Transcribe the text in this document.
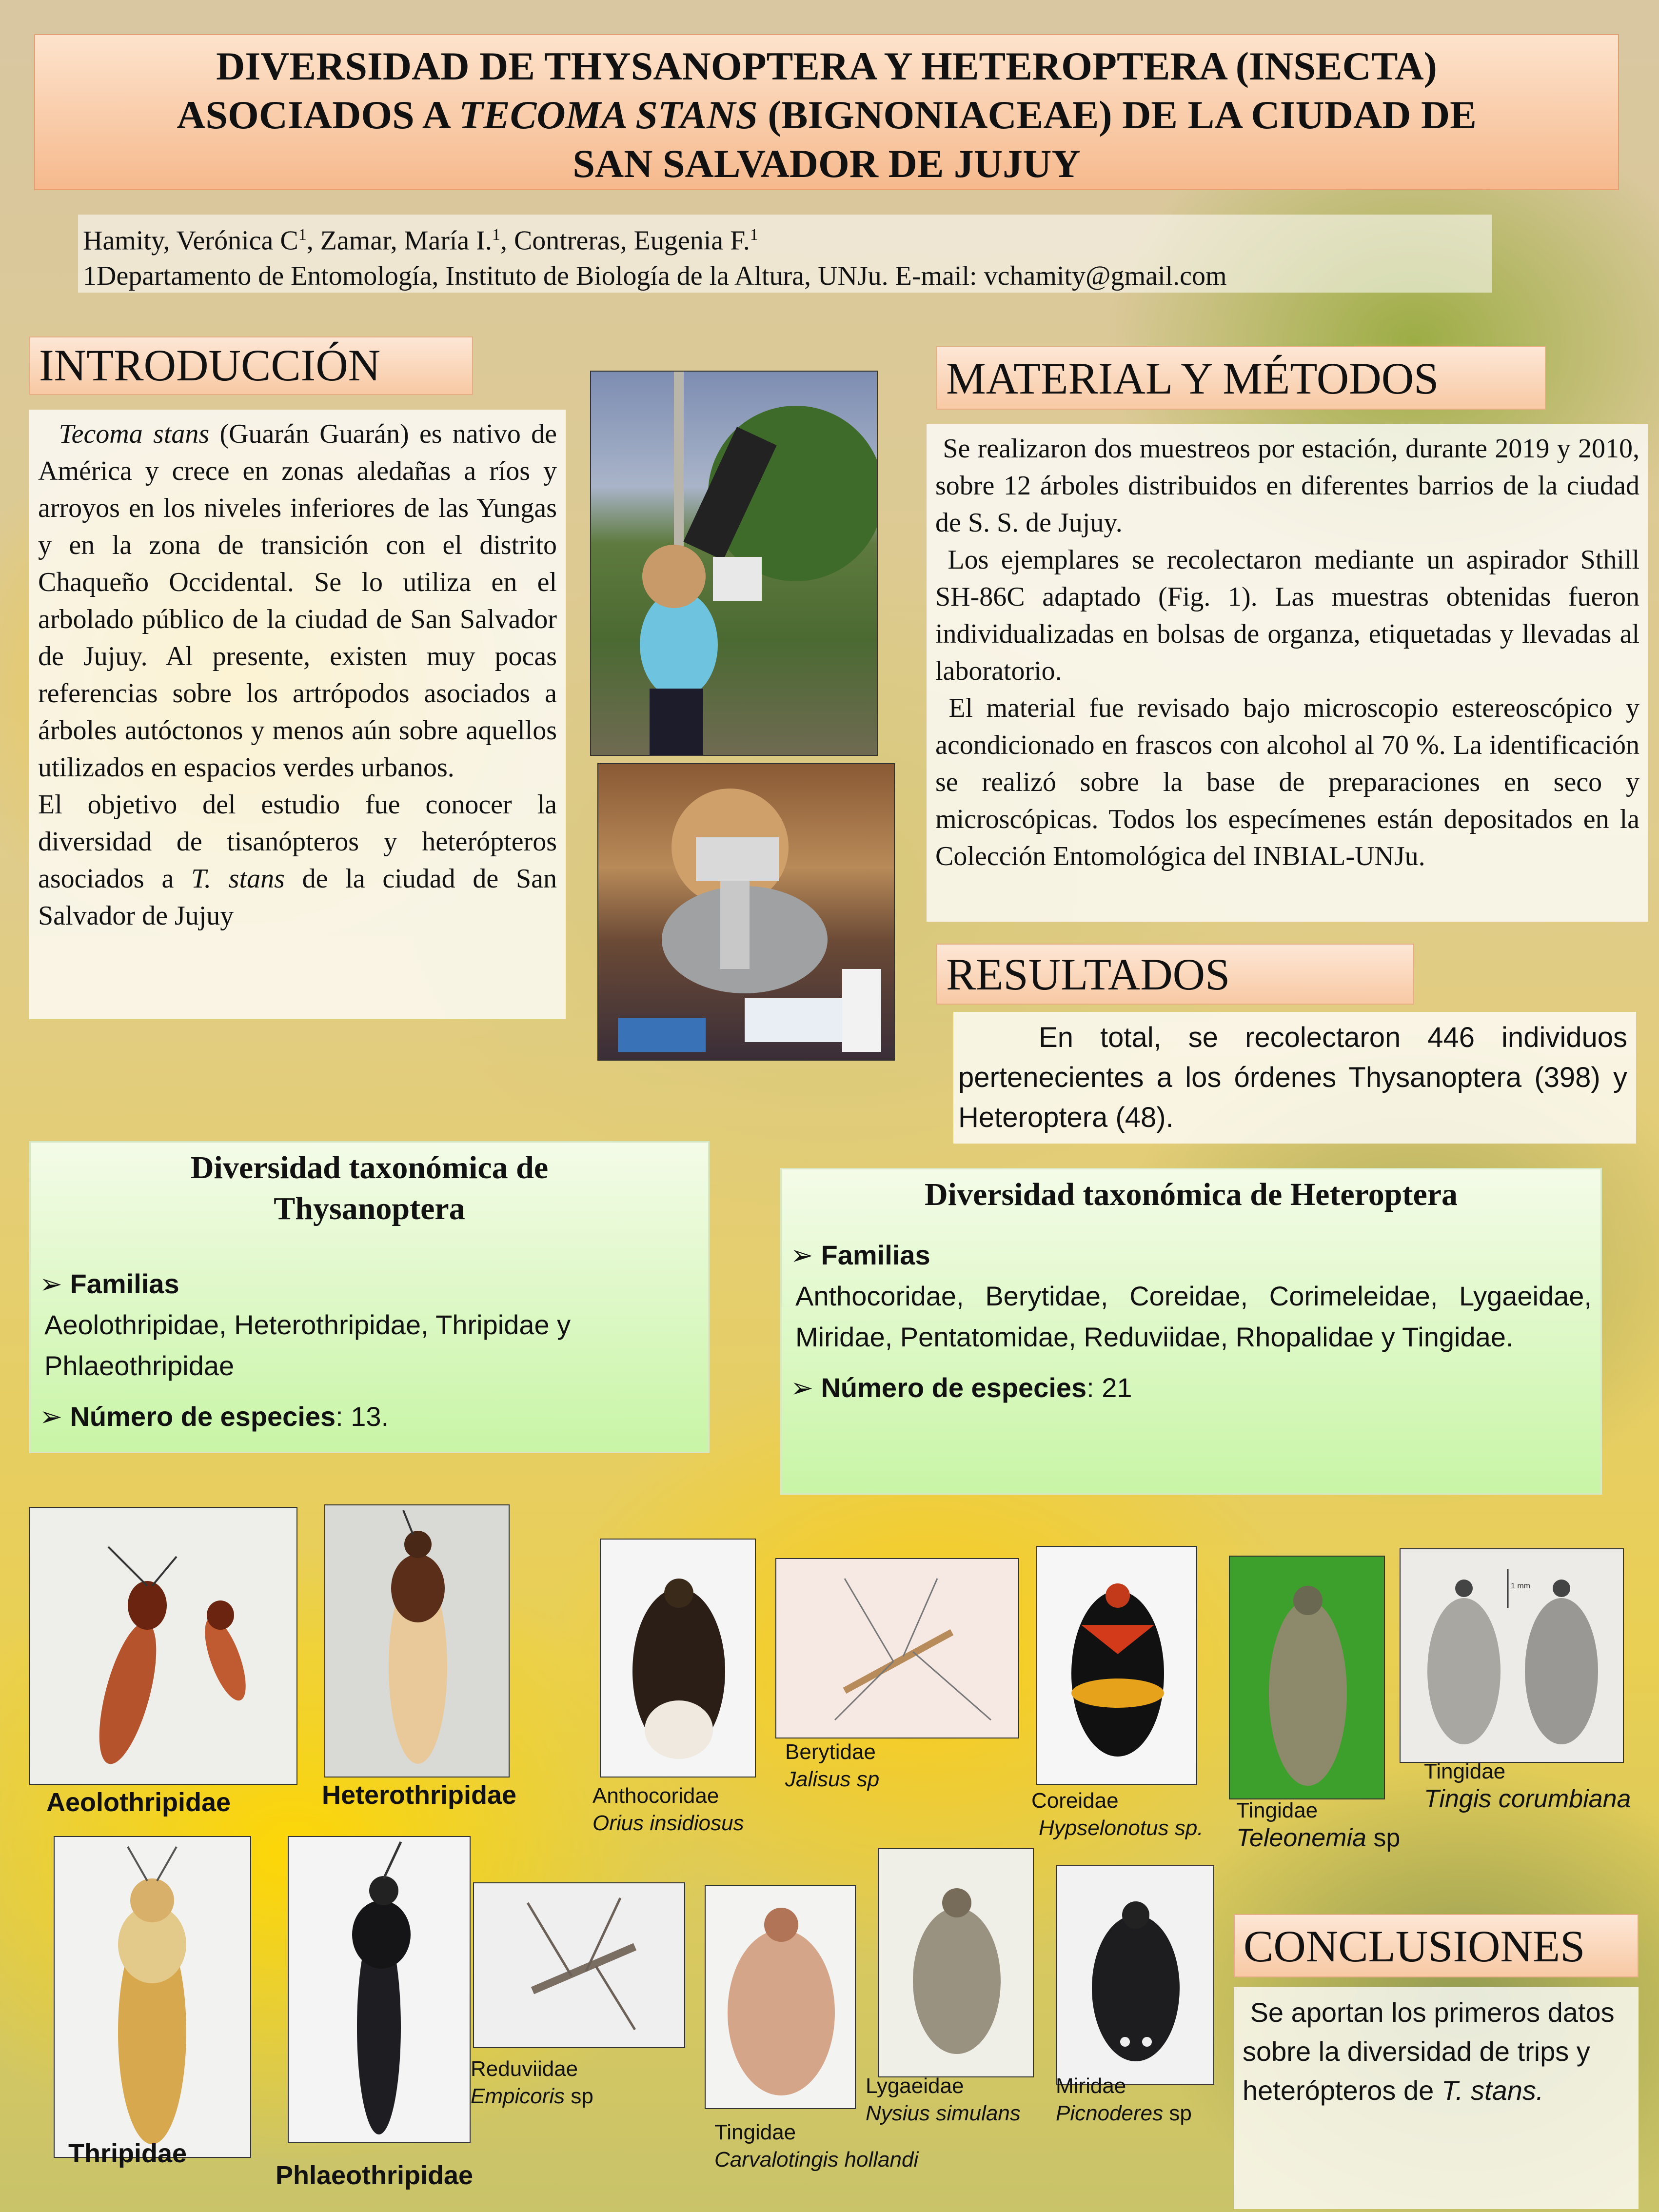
DIVERSIDAD DE THYSANOPTERA Y HETEROPTERA (INSECTA)
ASOCIADOS A TECOMA STANS (BIGNONIACEAE) DE LA CIUDAD DE
SAN SALVADOR DE JUJUY
Hamity, Verónica $C^1$, Zamar, María I.$^1$, Contreras, Eugenia F.$^1$
1Departamento de Entomología, Instituto de Biología de la Altura, UNJu. E-mail: vchamity@gmail.com
INTRODUCCIÓN

Tecoma stans (Guarán Guarán) es nativo de América y crece en zonas aledañas a ríos y arroyos en los niveles inferiores de las Yungas y en la zona de transición con el distrito Chaqueño Occidental. Se lo utiliza en el arbolado público de la ciudad de San Salvador de Jujuy. Al presente, existen muy pocas referencias sobre los artrópodos asociados a árboles autóctonos y menos aún sobre aquellos utilizados en espacios verdes urbanos.

El objetivo del estudio fue conocer la diversidad de tisanópteros y heterópteros asociados a T. stans de la ciudad de San Salvador de Jujuy

MATERIAL Y MÉTODOS

Se realizaron dos muestreos por estación, durante 2019 y 2010, sobre 12 árboles distribuidos en diferentes barrios de la ciudad de S. S. de Jujuy.

Los ejemplares se recolectaron mediante un aspirador Sthill SH-86C adaptado (Fig. 1). Las muestras obtenidas fueron individualizadas en bolsas de organza, etiquetadas y llevadas al laboratorio.

El material fue revisado bajo microscopio estereoscópico y acondicionado en frascos con alcohol al 70 %. La identificación se realizó sobre la base de preparaciones en seco y microscópicas. Todos los especímenes están depositados en la Colección Entomológica del INBIAL-UNJu.

RESULTADOS

En total, se recolectaron 446 individuos pertenecientes a los órdenes Thysanoptera (398) y Heteroptera (48).

Diversidad taxonómica de Thysanoptera
➢ Familias
Aeolothripidae, Heterothripidae, Thripidae y Phlaeothripidae
➢ Número de especies: 13.
Diversidad taxonómica de Heteroptera
➢ Familias
Anthocoridae, Berytidae, Coreidae, Corimeleidae, Lygaeidae, Miridae, Pentatomidae, Reduviidae, Rhopalidae y Tingidae.
➢ Número de especies: 21
Aeolothripidae	Heterothripidae
Thripidae
Phlaeothripidae
Anthocoridae
Orius insidiosus
Berytidae
Jalisus sp
Coreidae
Hypselonotus sp.
Tingidae
Teleonemia sp
1 mm
Tingidae
Tingis corumbiana
Reduviidae
Empicoris sp
Tingidae
Carvalotingis hollandi
Lygaeidae
Nysius simulans
Miridae
Picnoderes sp
CONCLUSIONES

Se aportan los primeros datos sobre la diversidad de trips y heterópteros de T. stans.
